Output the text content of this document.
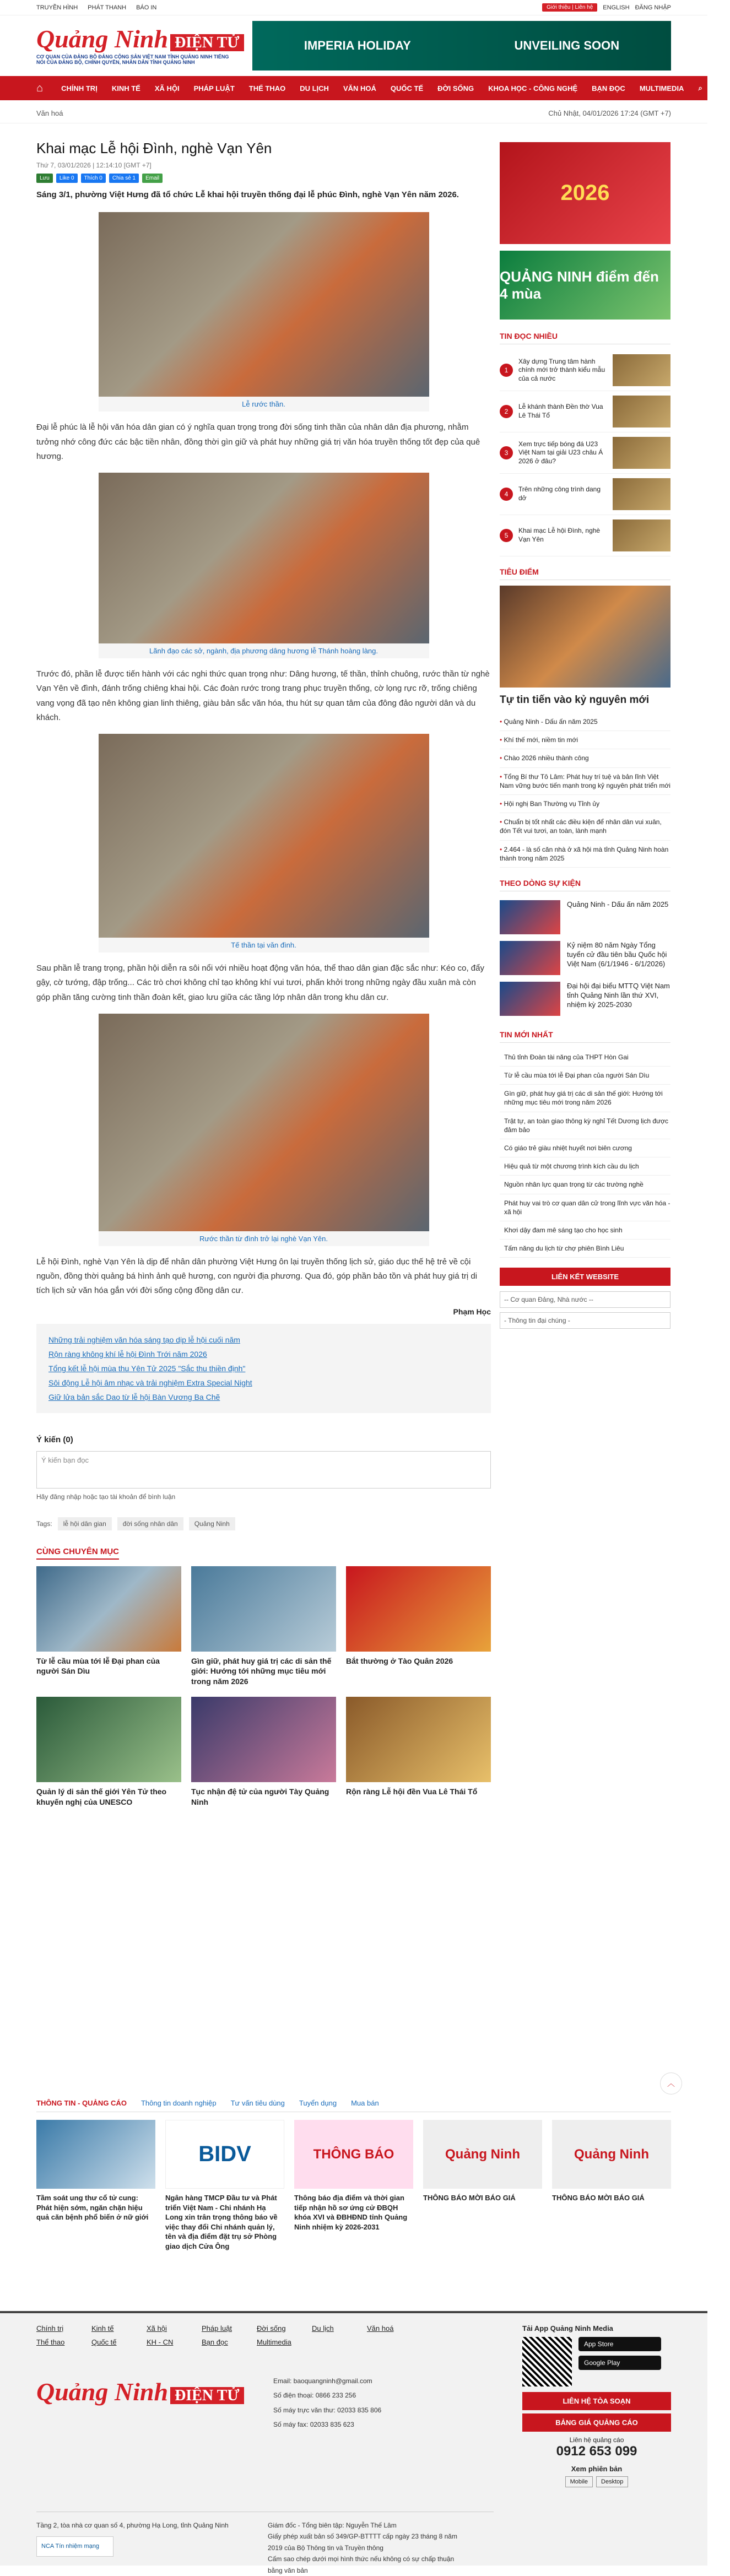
TRUYỀN HÌNH PHÁT THANH BÁO IN	Giới thiệu | Liên hệ	ENGLISH ĐĂNG NHẬP
Quảng Ninh ĐIỆN TỬ
CƠ QUAN CỦA ĐẢNG BỘ ĐẢNG CỘNG SẢN VIỆT NAM TỈNH QUẢNG NINH TIẾNG NÓI CỦA ĐẢNG BỘ, CHÍNH QUYỀN, NHÂN DÂN TỈNH QUẢNG NINH
IMPERIA HOLIDAY	UNVEILING SOON
⌂	CHÍNH TRỊ	KINH TẾ	XÃ HỘI	PHÁP LUẬT	THỂ THAO	DU LỊCH	VĂN HOÁ	QUỐC TẾ	ĐỜI SỐNG	KHOA HỌC - CÔNG NGHỆ	BẠN ĐỌC	MULTIMEDIA	⌕	☰
Văn hoá	Chủ Nhật, 04/01/2026 17:24 (GMT +7)
Khai mạc Lễ hội Đình, nghè Vạn Yên
Thứ 7, 03/01/2026 | 12:14:10 [GMT +7]
Lưu	Like 0	Thích 0	Chia sẻ 1	Email
Sáng 3/1, phường Việt Hưng đã tổ chức Lễ khai hội truyền thống đại lễ phúc Đình, nghè Vạn Yên năm 2026.
Lễ rước thần.
Đại lễ phúc là lễ hội văn hóa dân gian có ý nghĩa quan trọng trong đời sống tinh thần của nhân dân địa phương, nhằm tưởng nhớ công đức các bậc tiền nhân, đồng thời gìn giữ và phát huy những giá trị văn hóa truyền thống tốt đẹp của quê hương.
Lãnh đạo các sở, ngành, địa phương dâng hương lễ Thánh hoàng làng.
Trước đó, phần lễ được tiến hành với các nghi thức quan trọng như: Dâng hương, tế thần, thỉnh chuông, rước thần từ nghè Vạn Yên về đình, đánh trống chiêng khai hội. Các đoàn rước trong trang phục truyền thống, cờ lọng rực rỡ, trống chiêng vang vọng đã tạo nên không gian linh thiêng, giàu bản sắc văn hóa, thu hút sự quan tâm của đông đảo người dân và du khách.
Tế thần tại văn đình.
Sau phần lễ trang trọng, phần hội diễn ra sôi nổi với nhiều hoạt động văn hóa, thể thao dân gian đặc sắc như: Kéo co, đẩy gậy, cờ tướng, đập trống... Các trò chơi không chỉ tạo không khí vui tươi, phấn khởi trong những ngày đầu xuân mà còn góp phần tăng cường tinh thần đoàn kết, giao lưu giữa các tầng lớp nhân dân trong khu dân cư.
Rước thần từ đình trở lại nghè Vạn Yên.
Lễ hội Đình, nghè Vạn Yên là dịp để nhân dân phường Việt Hưng ôn lại truyền thống lịch sử, giáo dục thế hệ trẻ về cội nguồn, đồng thời quảng bá hình ảnh quê hương, con người địa phương. Qua đó, góp phần bảo tồn và phát huy giá trị di tích lịch sử văn hóa gắn với đời sống cộng đồng dân cư.
Phạm Học
Những trải nghiệm văn hóa sáng tạo dịp lễ hội cuối năm
Rộn ràng không khí lễ hội Đình Trới năm 2026
Tổng kết lễ hội mùa thu Yên Tử 2025 "Sắc thu thiền định"
Sôi động Lễ hội âm nhạc và trải nghiệm Extra Special Night
Giữ lửa bản sắc Dao từ lễ hội Bàn Vương Ba Chẽ
Ý kiến (0)
Ý kiến bạn đọc
Hãy đăng nhập hoặc tạo tài khoản để bình luận
Tags:	lễ hội dân gian	đời sống nhân dân	Quảng Ninh
CÙNG CHUYÊN MỤC
Từ lễ cầu mùa tới lễ Đại phan của người Sán Dìu
Gìn giữ, phát huy giá trị các di sản thế giới: Hướng tới những mục tiêu mới trong năm 2026
Bắt thường ở Tào Quân 2026
Quản lý di sản thế giới Yên Tử theo khuyến nghị của UNESCO
Tục nhận đệ tử của người Tày Quảng Ninh
Rộn ràng Lễ hội đền Vua Lê Thái Tổ
2026
QUẢNG NINH điểm đến 4 mùa
TIN ĐỌC NHIỀU
1
Xây dựng Trung tâm hành chính mới trở thành kiểu mẫu của cả nước
2
Lễ khánh thành Đền thờ Vua Lê Thái Tổ
3
Xem trực tiếp bóng đá U23 Việt Nam tại giải U23 châu Á 2026 ở đâu?
4
Trên những công trình dang dở
5
Khai mạc Lễ hội Đình, nghè Vạn Yên
TIÊU ĐIỂM
Tự tin tiến vào kỷ nguyên mới
• Quảng Ninh - Dấu ấn năm 2025
• Khí thế mới, niềm tin mới
• Chào 2026 nhiều thành công
• Tổng Bí thư Tô Lâm: Phát huy trí tuệ và bản lĩnh Việt Nam vững bước tiến mạnh trong kỷ nguyên phát triển mới
• Hội nghị Ban Thường vụ Tỉnh ủy
• Chuẩn bị tốt nhất các điều kiện để nhân dân vui xuân, đón Tết vui tươi, an toàn, lành mạnh
• 2.464 - là số căn nhà ở xã hội mà tỉnh Quảng Ninh hoàn thành trong năm 2025
THEO DÒNG SỰ KIỆN
Quảng Ninh - Dấu ấn năm 2025
Kỷ niệm 80 năm Ngày Tổng tuyển cử đầu tiên bầu Quốc hội Việt Nam (6/1/1946 - 6/1/2026)
Đại hội đại biểu MTTQ Việt Nam tỉnh Quảng Ninh lần thứ XVI, nhiệm kỳ 2025-2030
TIN MỚI NHẤT
Thủ tỉnh Đoàn tài năng của THPT Hòn Gai
Từ lễ cầu mùa tới lễ Đại phan của người Sán Dìu
Gìn giữ, phát huy giá trị các di sản thế giới: Hướng tới những mục tiêu mới trong năm 2026
Trật tự, an toàn giao thông kỳ nghỉ Tết Dương lịch được đảm bảo
Có giáo trẻ giàu nhiệt huyết nơi biên cương
Hiệu quả từ một chương trình kích cầu du lịch
Nguồn nhân lực quan trọng từ các trường nghề
Phát huy vai trò cơ quan dân cử trong lĩnh vực văn hóa - xã hội
Khơi dậy đam mê sáng tạo cho học sinh
Tấm năng du lịch từ chợ phiên Bình Liêu
LIÊN KẾT WEBSITE
-- Cơ quan Đảng, Nhà nước --
- Thông tin đại chúng -
︿
THÔNG TIN - QUẢNG CÁO Thông tin doanh nghiệp Tư vấn tiêu dùng Tuyển dụng Mua bán
Tầm soát ung thư cổ tử cung: Phát hiện sớm, ngăn chặn hiệu quả căn bệnh phổ biến ở nữ giới
BIDV
Ngân hàng TMCP Đầu tư và Phát triển Việt Nam - Chi nhánh Hạ Long xin trân trọng thông báo về việc thay đổi Chi nhánh quản lý, tên và địa điểm đặt trụ sở Phòng giao dịch Cửa Ông
THÔNG BÁO
Thông báo địa điểm và thời gian tiếp nhận hồ sơ ứng cử ĐBQH khóa XVI và ĐBHĐND tỉnh Quảng Ninh nhiệm kỳ 2026-2031
Quảng Ninh
THÔNG BÁO MỜI BÁO GIÁ
Quảng Ninh
THÔNG BÁO MỜI BÁO GIÁ
Chính trị	Kinh tế	Xã hội	Pháp luật	Đời sống	Du lịch	Văn hoá
Thể thao	Quốc tế	KH - CN	Bạn đọc	Multimedia
Quảng Ninh ĐIỆN TỬ
Email: baoquangninh@gmail.com
Số điện thoại: 0866 233 256
Số máy trực văn thư: 02033 835 806
Số máy fax: 02033 835 623
Tải App Quảng Ninh Media
App Store
Google Play
LIÊN HỆ TÒA SOẠN
BẢNG GIÁ QUẢNG CÁO
Liên hệ quảng cáo
0912 653 099
Xem phiên bản
Mobile	Desktop
Tầng 2, tòa nhà cơ quan số 4, phường Hạ Long, tỉnh Quảng Ninh
NCA Tín nhiệm mạng
Giám đốc - Tổng biên tập: Nguyễn Thế Lâm
Giấy phép xuất bản số 349/GP-BTTTT cấp ngày 23 tháng 8 năm 2019 của Bộ Thông tin và Truyền thông
Cấm sao chép dưới mọi hình thức nếu không có sự chấp thuận bằng văn bản
